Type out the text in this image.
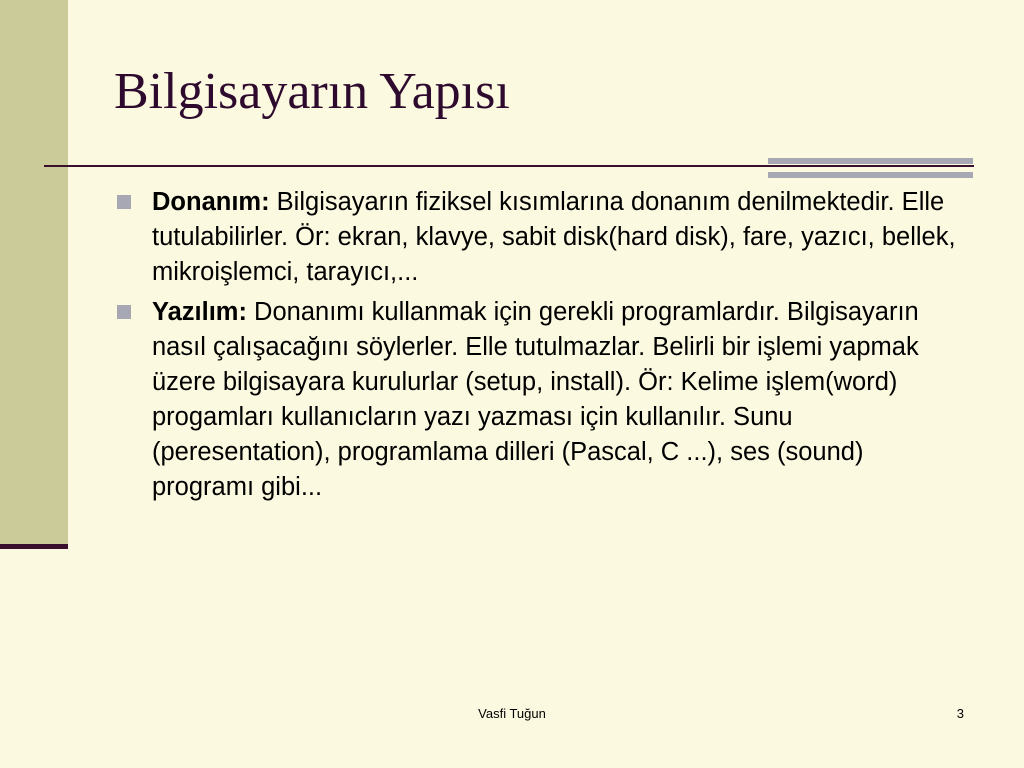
Bilgisayarın Yapısı
Donanım: Bilgisayarın fiziksel kısımlarına donanım denilmektedir. Elle tutulabilirler. Ör: ekran, klavye, sabit disk(hard disk), fare, yazıcı, bellek, mikroişlemci, tarayıcı,...
Yazılım: Donanımı kullanmak için gerekli programlardır. Bilgisayarın nasıl çalışacağını söylerler. Elle tutulmazlar. Belirli bir işlemi yapmak üzere bilgisayara kurulurlar (setup, install). Ör: Kelime işlem(word) progamları kullanıcların yazı yazması için kullanılır. Sunu (peresentation), programlama dilleri (Pascal, C ...), ses (sound) programı gibi...
Vasfi Tuğun	3
